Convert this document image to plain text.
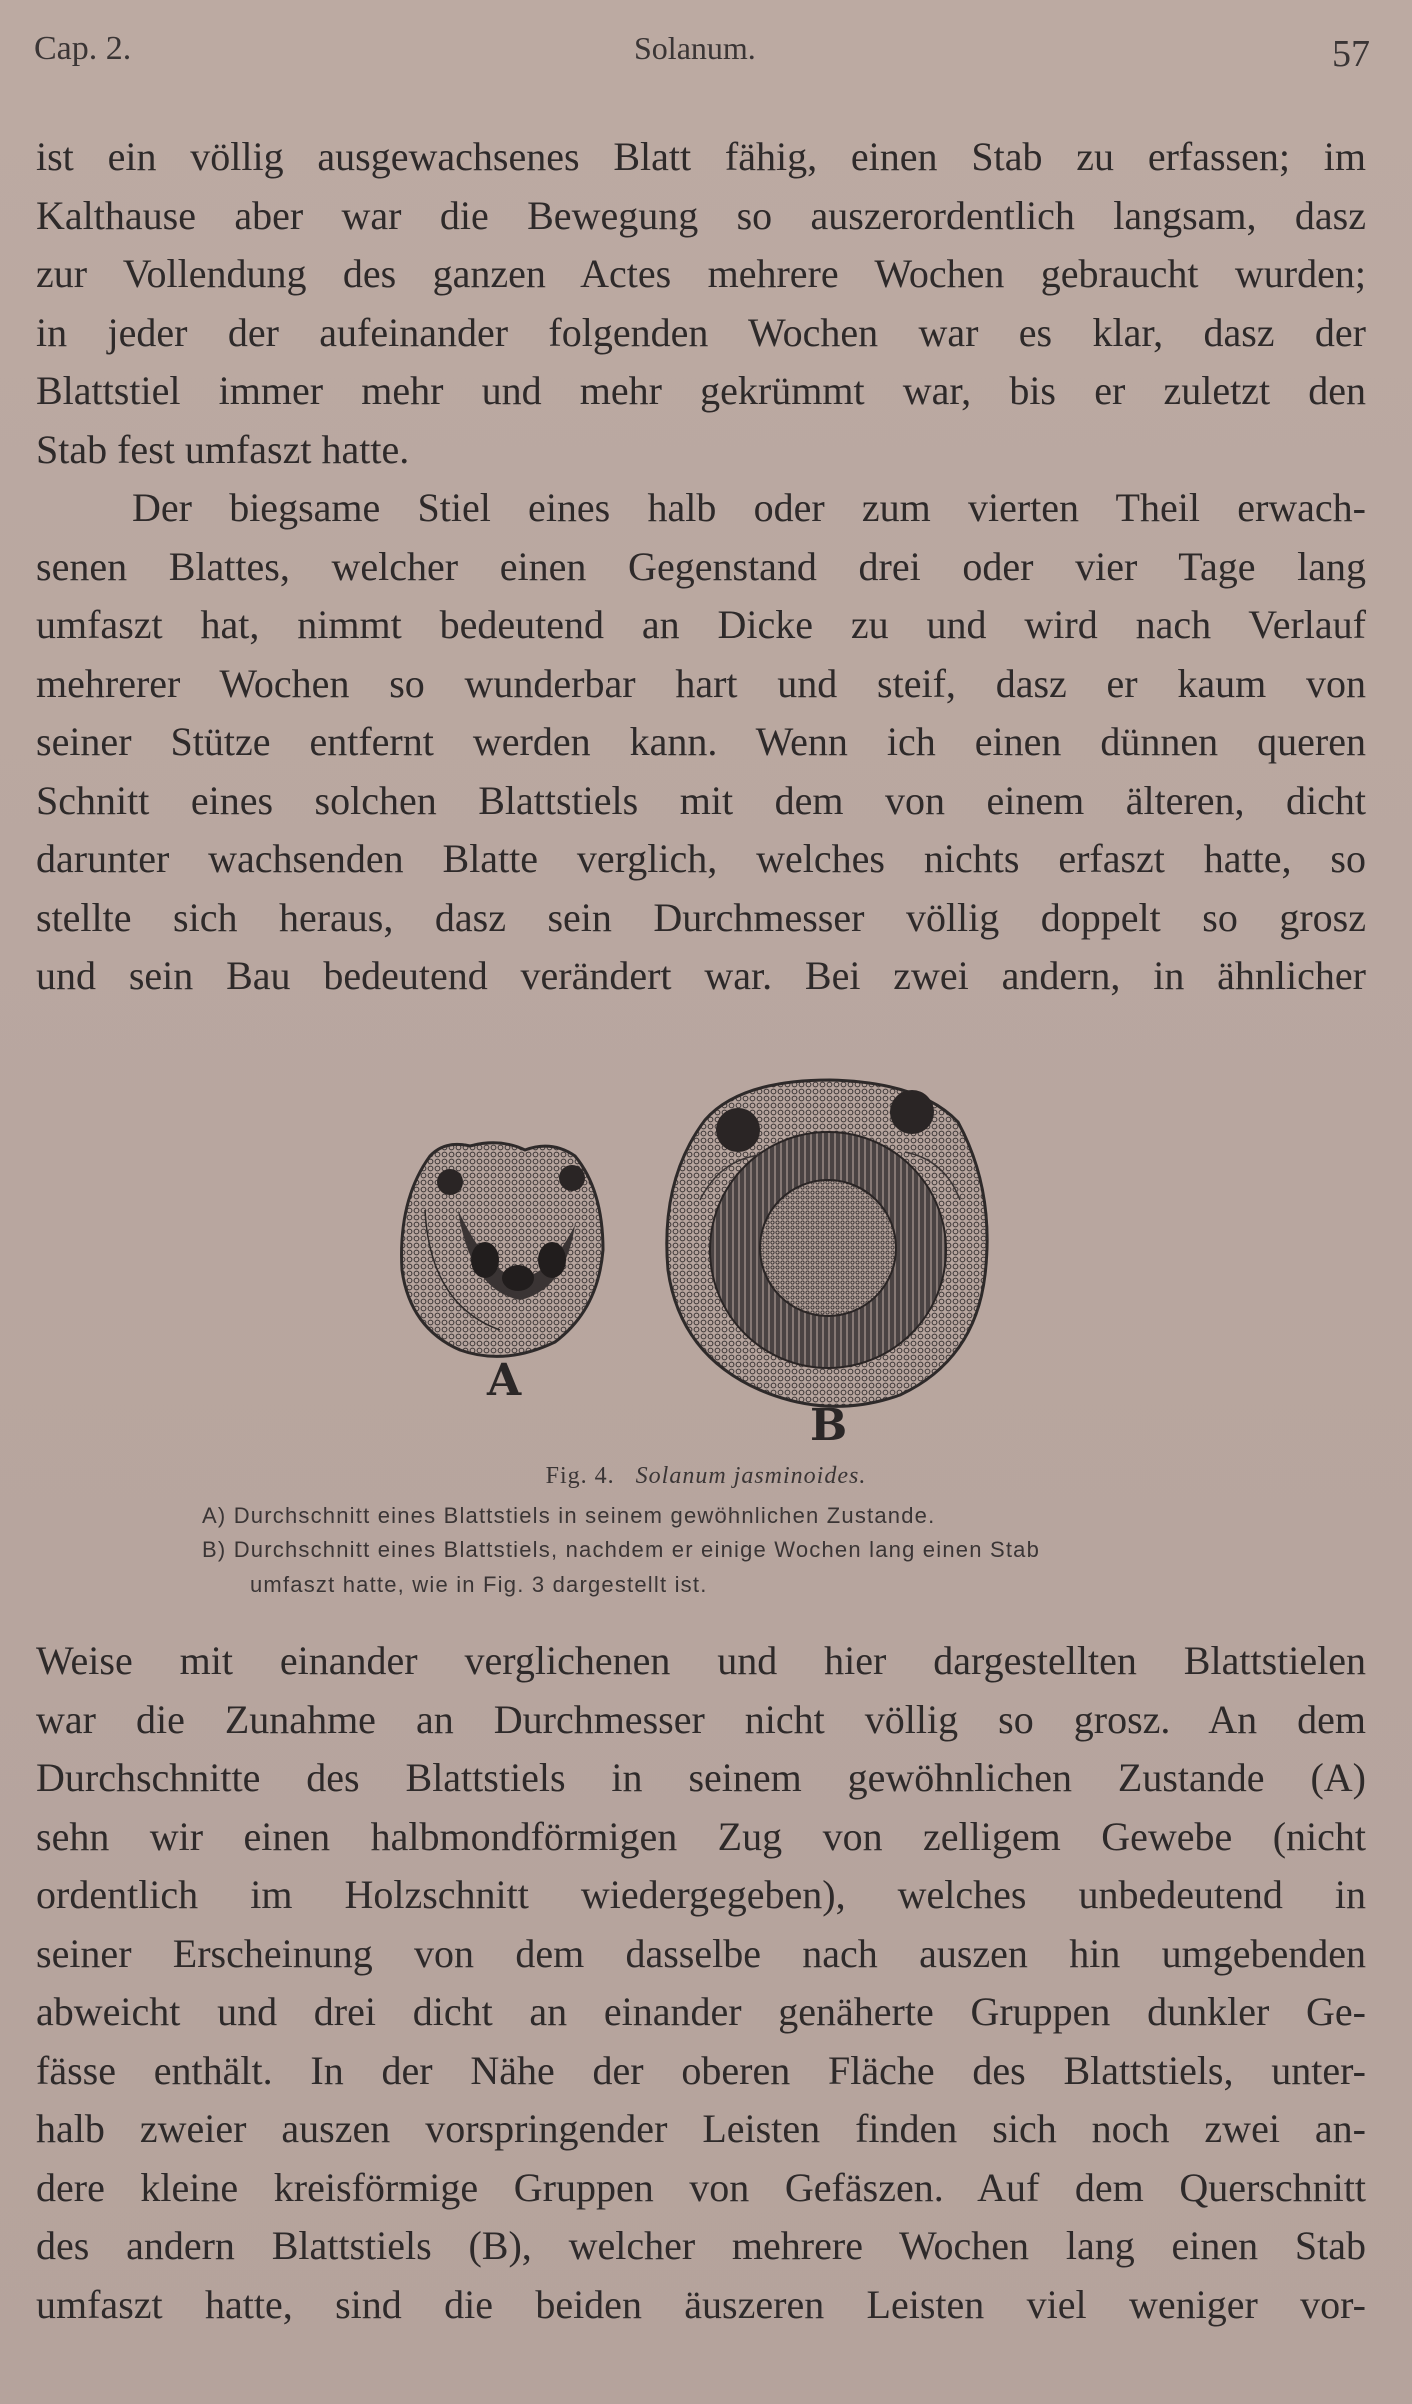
Cap. 2.	Solanum.	57
ist ein völlig ausgewachsenes Blatt fähig, einen Stab zu erfassen; im
Kalthause aber war die Bewegung so auszerordentlich langsam, dasz
zur Vollendung des ganzen Actes mehrere Wochen gebraucht wurden;
in jeder der aufeinander folgenden Wochen war es klar, dasz der
Blattstiel immer mehr und mehr gekrümmt war, bis er zuletzt den
Stab fest umfaszt hatte.
Der biegsame Stiel eines halb oder zum vierten Theil erwach-
senen Blattes, welcher einen Gegenstand drei oder vier Tage lang
umfaszt hat, nimmt bedeutend an Dicke zu und wird nach Verlauf
mehrerer Wochen so wunderbar hart und steif, dasz er kaum von
seiner Stütze entfernt werden kann. Wenn ich einen dünnen queren
Schnitt eines solchen Blattstiels mit dem von einem älteren, dicht
darunter wachsenden Blatte verglich, welches nichts erfaszt hatte, so
stellte sich heraus, dasz sein Durchmesser völlig doppelt so grosz
und sein Bau bedeutend verändert war. Bei zwei andern, in ähnlicher
A
B
Fig. 4. Solanum jasminoides.
A) Durchschnitt eines Blattstiels in seinem gewöhnlichen Zustande.
B) Durchschnitt eines Blattstiels, nachdem er einige Wochen lang einen Stab
umfaszt hatte, wie in Fig. 3 dargestellt ist.
Weise mit einander verglichenen und hier dargestellten Blattstielen
war die Zunahme an Durchmesser nicht völlig so grosz. An dem
Durchschnitte des Blattstiels in seinem gewöhnlichen Zustande (A)
sehn wir einen halbmondförmigen Zug von zelligem Gewebe (nicht
ordentlich im Holzschnitt wiedergegeben), welches unbedeutend in
seiner Erscheinung von dem dasselbe nach auszen hin umgebenden
abweicht und drei dicht an einander genäherte Gruppen dunkler Ge-
fässe enthält. In der Nähe der oberen Fläche des Blattstiels, unter-
halb zweier auszen vorspringender Leisten finden sich noch zwei an-
dere kleine kreisförmige Gruppen von Gefäszen. Auf dem Querschnitt
des andern Blattstiels (B), welcher mehrere Wochen lang einen Stab
umfaszt hatte, sind die beiden äuszeren Leisten viel weniger vor-
